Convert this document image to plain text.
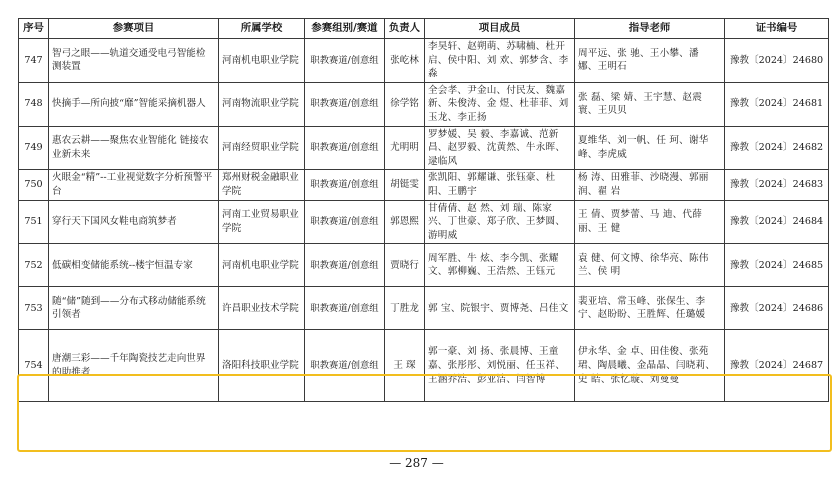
序号	参赛项目	所属学校	参赛组别/赛道	负责人	项目成员	指导老师	证书编号
747	智弓之眼——轨道交通受电弓智能检测装置	河南机电职业学院	职教赛道/创意组	张屹林	李昊轩、赵朔萌、苏啸楠、杜开启、侯中阳、刘 欢、郭梦含、李 淼	周平远、张 驰、王小攀、潘 娜、王明石	豫教〔2024〕24680
748	快摘手—所向披“靡”智能采摘机器人	河南物流职业学院	职教赛道/创意组	徐学铭	全会孝、尹金山、付民友、魏嘉新、朱俊涛、金 煜、杜菲菲、刘玉龙、李正扬	张 磊、梁 婧、王宇慧、赵震寰、王贝贝	豫教〔2024〕24681
749	惠农云耕——聚焦农业智能化 链接农业新未来	河南经贸职业学院	职教赛道/创意组	尤明明	罗梦媛、吴 毅、李嘉诚、范新昌、赵罗毅、沈黄然、牛永晖、逯临风	夏维华、刘一帆、任 珂、谢华峰、李虎威	豫教〔2024〕24682
750	火眼金“精”--工业视觉数字分析预警平台	郑州财税金融职业学院	职教赛道/创意组	胡铤雯	张凯阳、郭耀谦、张钰豪、杜 阳、王鹏宇	杨 涛、田雅菲、沙晓漫、郭丽润、翟 岩	豫教〔2024〕24683
751	穿行天下国风女鞋电商筑梦者	河南工业贸易职业学院	职教赛道/创意组	郭恩熙	甘倩倩、赵 然、刘 瑞、陈家兴、丁世豪、郑子欣、王梦圆、游明威	王 倩、贾梦蕾、马 迪、代薛丽、王 健	豫教〔2024〕24684
752	低碳相变储能系统--楼宇恒温专家	河南机电职业学院	职教赛道/创意组	贾晓行	周军胜、牛 炫、李今凯、张耀文、郭柳巍、王浩然、王钰元	袁 健、何文博、徐华亮、陈伟兰、侯 明	豫教〔2024〕24685
753	随“储”随到——分布式移动储能系统引领者	许昌职业技术学院	职教赛道/创意组	丁胜龙	郭 宝、院银宇、贾博尧、吕佳文	裴亚培、常玉峰、张保生、李 宁、赵盼盼、王胜辉、任璐媛	豫教〔2024〕24686
754	唐潮三彩——千年陶瓷技艺走向世界的助推者	洛阳科技职业学院	职教赛道/创意组	王 琛	郭一豪、刘 扬、张晨博、王童嘉、张彤彤、刘悦丽、任玉祥、王涵乔浩、彭亚洁、闫智博	伊永华、金 卓、田佳俊、张苑珺、陶晨曦、金晶晶、闫晓莉、史 皓、张忆璇、刘曼曼	豫教〔2024〕24687
— 287 —
